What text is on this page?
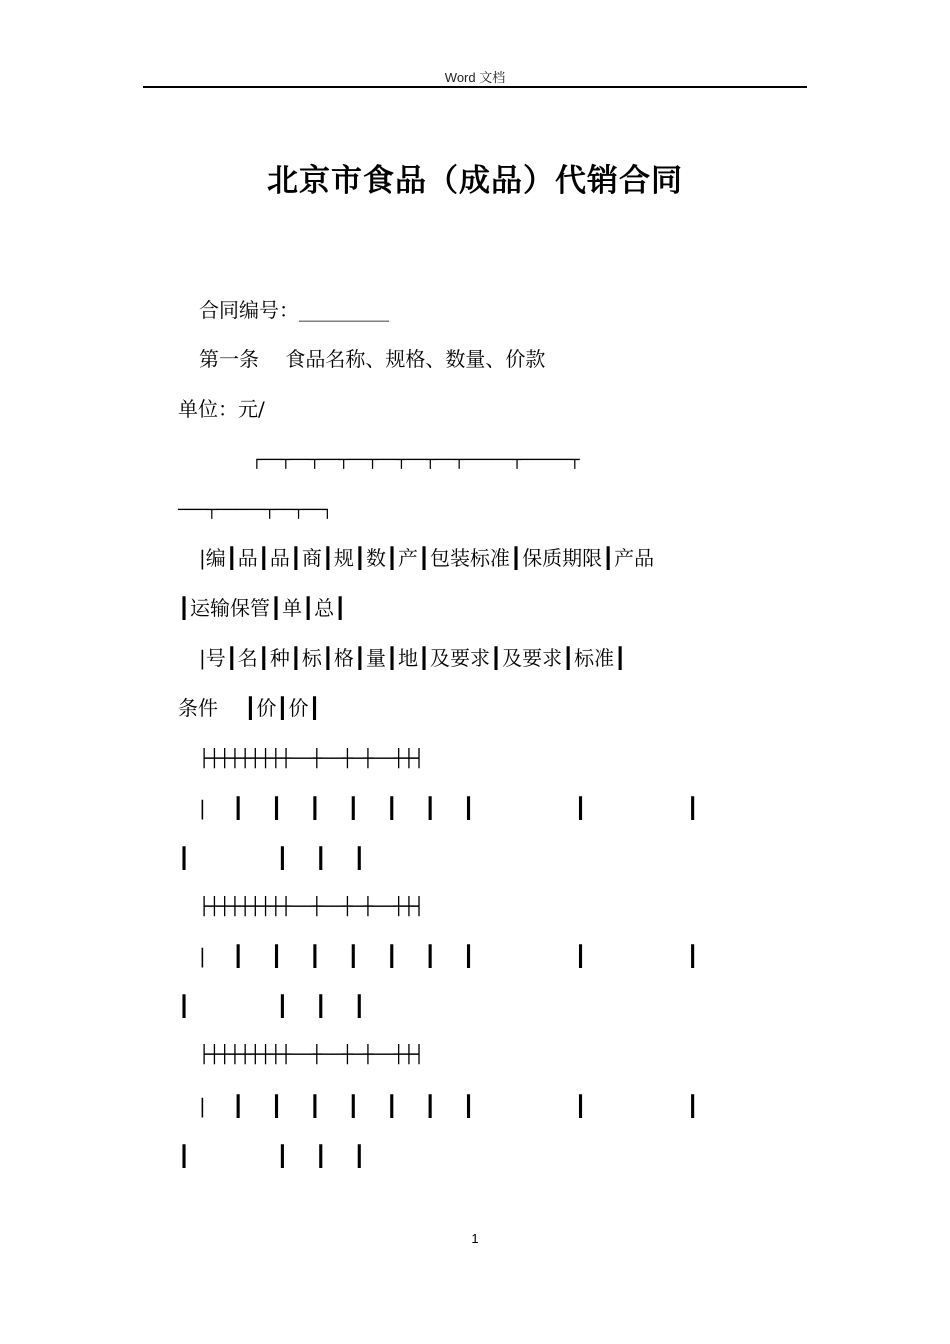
Word 文档
北京市食品（成品）代销合同
合同编号：_________
第一条　 食品名称、规格、数量、价款
单位：元/
┌──┬──┬──┬──┬──┬──┬──┬─────┬─────┬
───┬─────┬──┬──┐
|编┃品┃品┃商┃规┃数┃产┃包装标准┃保质期限┃产品
┃运输保管┃单┃总┃
|号┃名┃种┃标┃格┃量┃地┃及要求┃及要求┃标准┃
条件　 ┃价┃价┃
├┼┼┼┼┼┼┼┼──┼──┼─┼──┼┼┤
|　 ┃　 ┃　 ┃　 ┃　 ┃　 ┃　 ┃　　　　　┃　　　　　┃
┃　　　　 ┃　 ┃　 ┃
├┼┼┼┼┼┼┼┼──┼──┼─┼──┼┼┤
|　 ┃　 ┃　 ┃　 ┃　 ┃　 ┃　 ┃　　　　　┃　　　　　┃
┃　　　　 ┃　 ┃　 ┃
├┼┼┼┼┼┼┼┼──┼──┼─┼──┼┼┤
|　 ┃　 ┃　 ┃　 ┃　 ┃　 ┃　 ┃　　　　　┃　　　　　┃
┃　　　　 ┃　 ┃　 ┃
1
